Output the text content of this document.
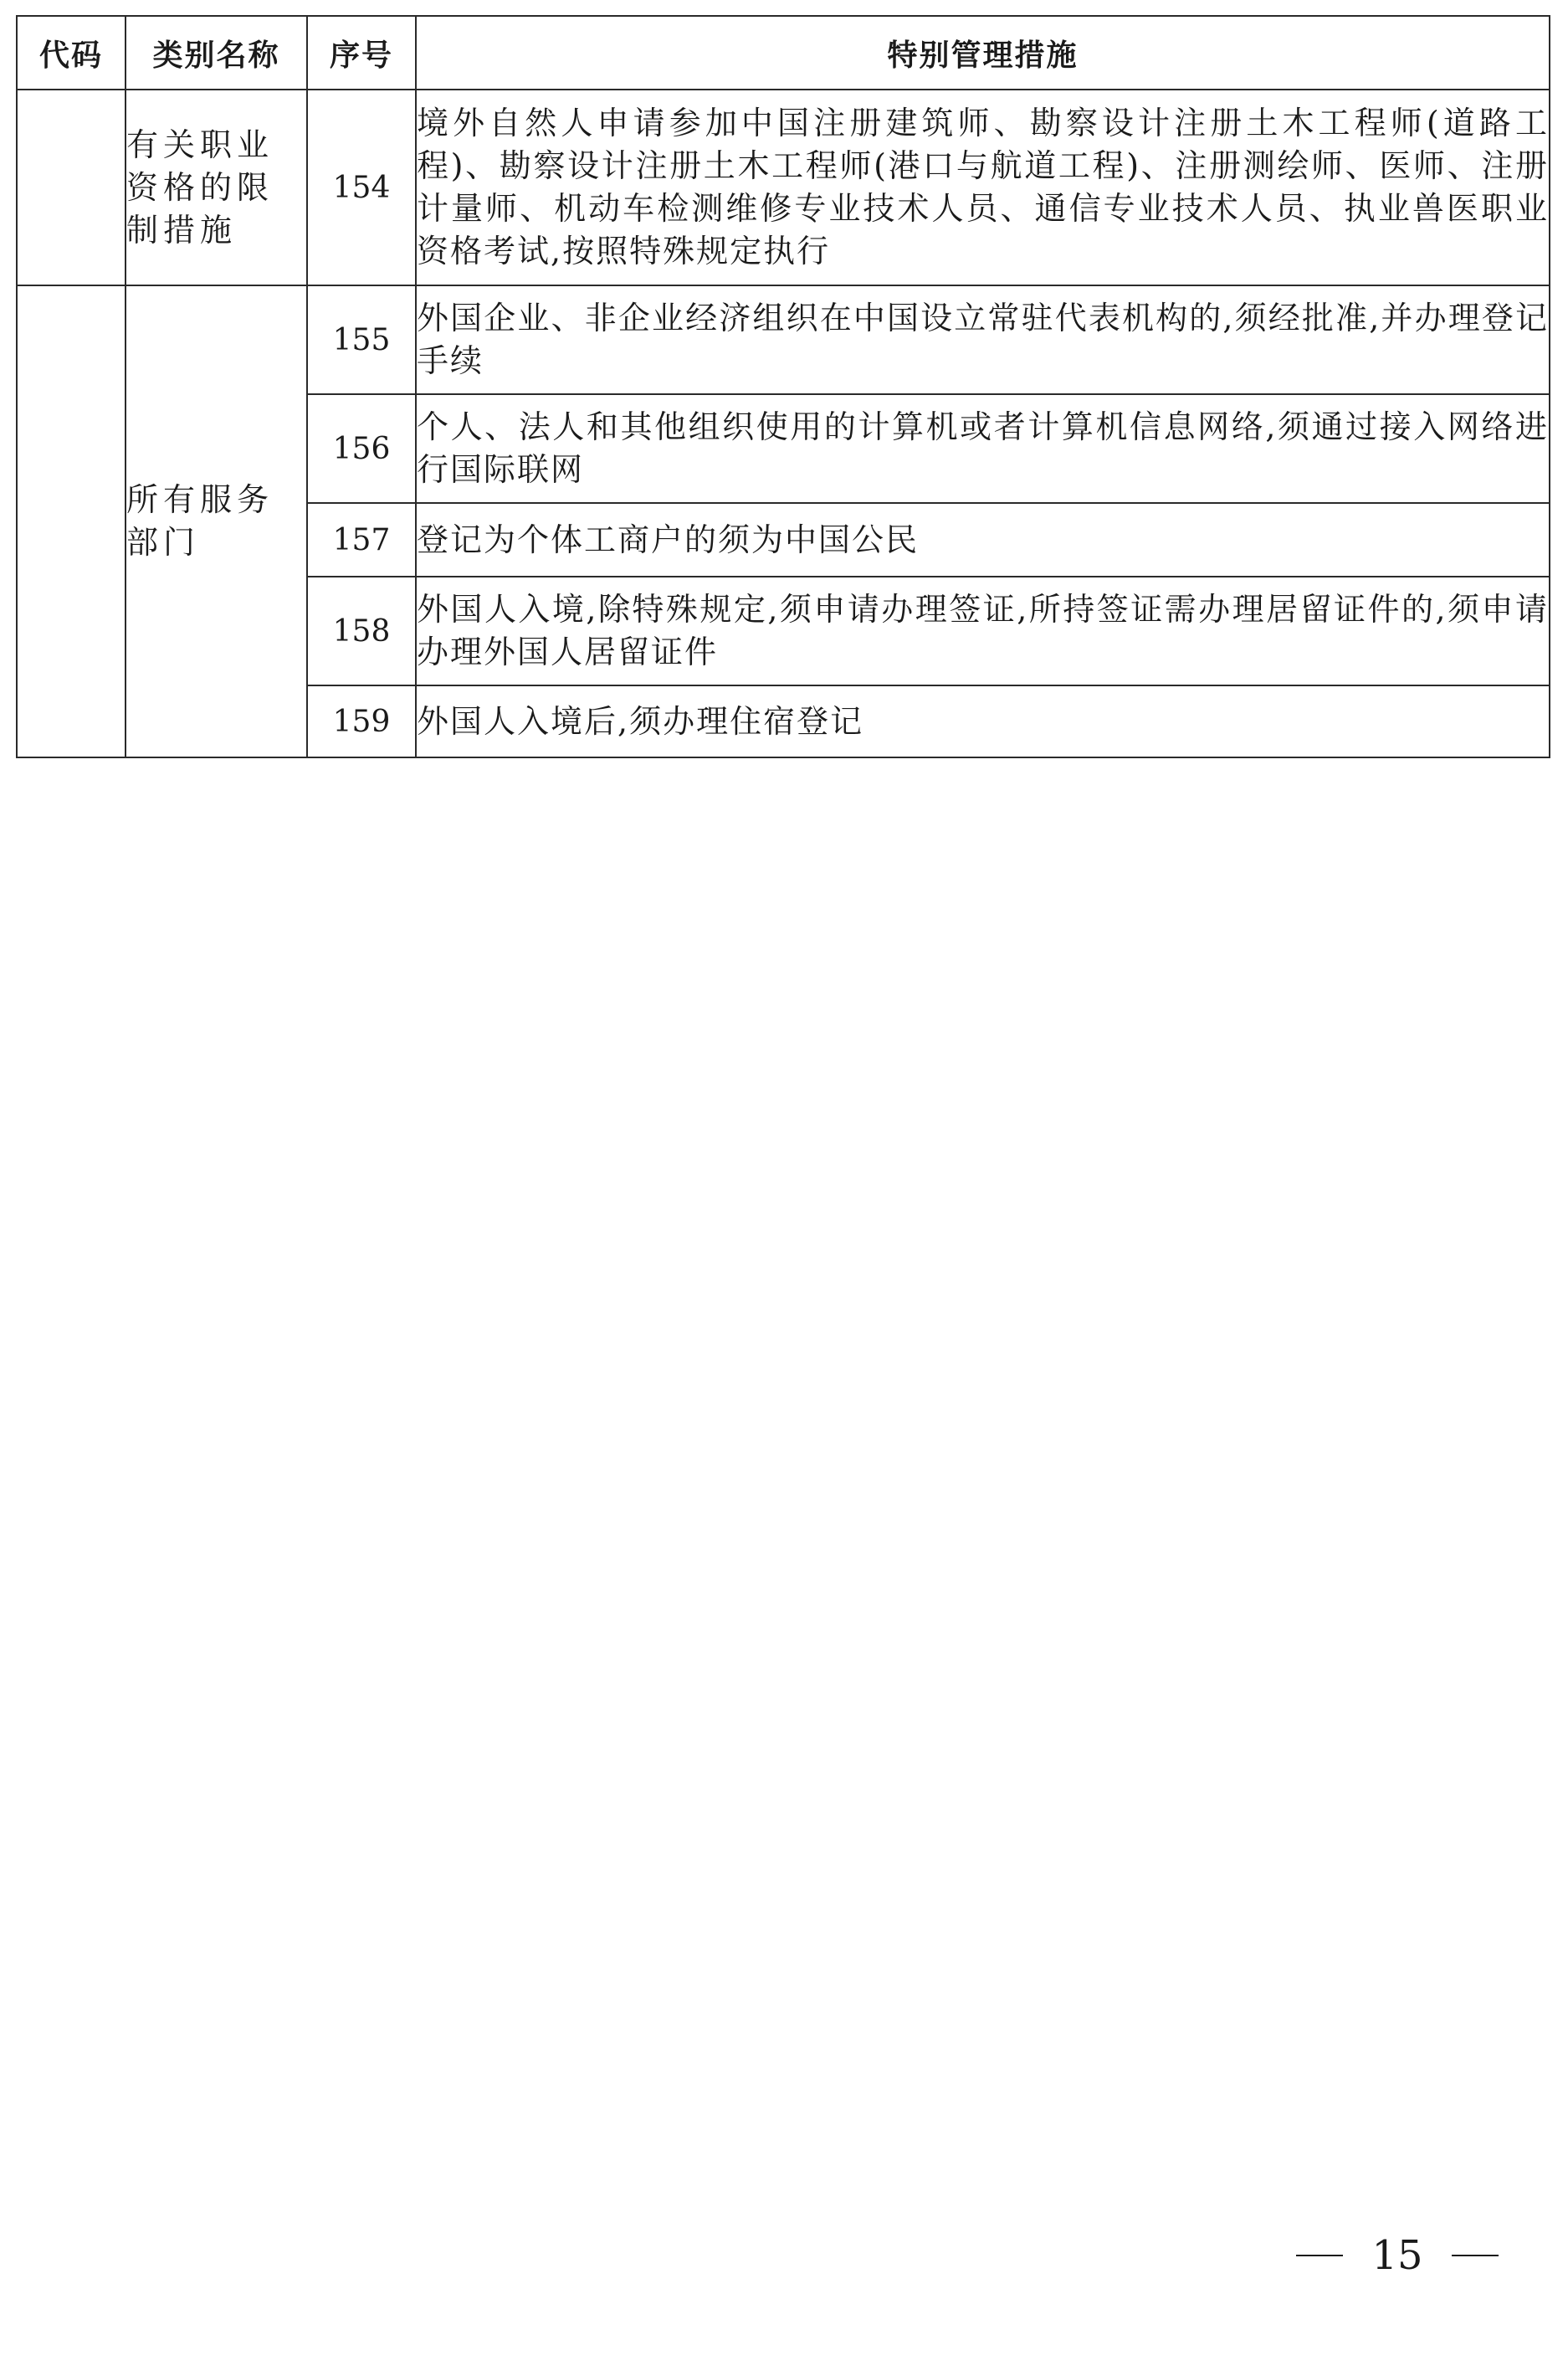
代码	类别名称	序号	特别管理措施
	有关职业资格的限制措施	154	境外自然人申请参加中国注册建筑师、勘察设计注册土木工程师(道路工程)、勘察设计注册土木工程师(港口与航道工程)、注册测绘师、医师、注册计量师、机动车检测维修专业技术人员、通信专业技术人员、执业兽医职业资格考试,按照特殊规定执行
	所有服务部门	155	外国企业、非企业经济组织在中国设立常驻代表机构的,须经批准,并办理登记手续
		156	个人、法人和其他组织使用的计算机或者计算机信息网络,须通过接入网络进行国际联网
		157	登记为个体工商户的须为中国公民
		158	外国人入境,除特殊规定,须申请办理签证,所持签证需办理居留证件的,须申请办理外国人居留证件
		159	外国人入境后,须办理住宿登记
15
